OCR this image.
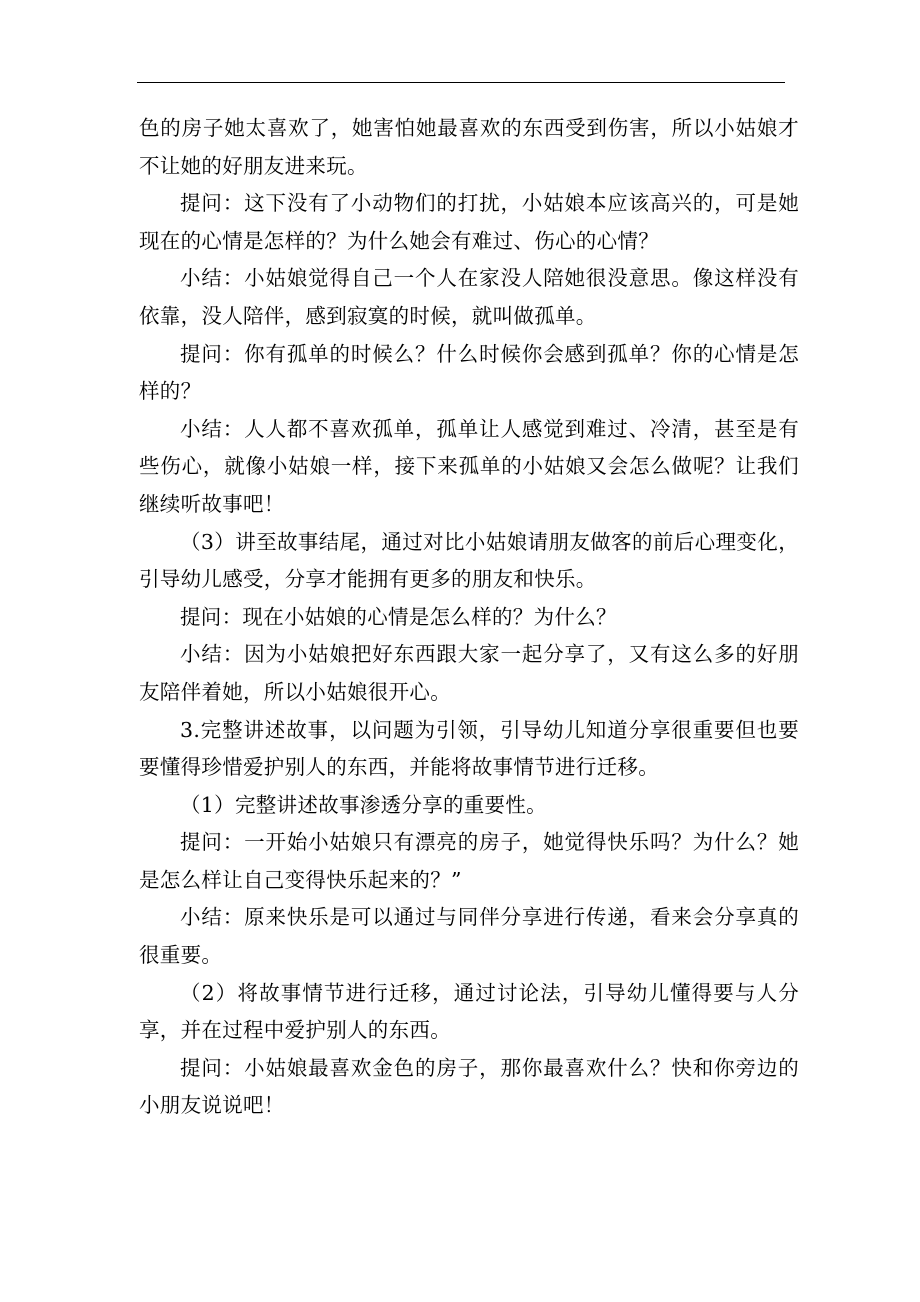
色的房子她太喜欢了，她害怕她最喜欢的东西受到伤害，所以小姑娘才不让她的好朋友进来玩。

提问：这下没有了小动物们的打扰，小姑娘本应该高兴的，可是她现在的心情是怎样的？为什么她会有难过、伤心的心情？

小结：小姑娘觉得自己一个人在家没人陪她很没意思。像这样没有依靠，没人陪伴，感到寂寞的时候，就叫做孤单。

提问：你有孤单的时候么？什么时候你会感到孤单？你的心情是怎样的？

小结：人人都不喜欢孤单，孤单让人感觉到难过、冷清，甚至是有些伤心，就像小姑娘一样，接下来孤单的小姑娘又会怎么做呢？让我们继续听故事吧！

（3）讲至故事结尾，通过对比小姑娘请朋友做客的前后心理变化，引导幼儿感受，分享才能拥有更多的朋友和快乐。

提问：现在小姑娘的心情是怎么样的？为什么？

小结：因为小姑娘把好东西跟大家一起分享了，又有这么多的好朋友陪伴着她，所以小姑娘很开心。

3.完整讲述故事，以问题为引领，引导幼儿知道分享很重要但也要要懂得珍惜爱护别人的东西，并能将故事情节进行迁移。

（1）完整讲述故事渗透分享的重要性。

提问：一开始小姑娘只有漂亮的房子，她觉得快乐吗？为什么？她是怎么样让自己变得快乐起来的？”

小结：原来快乐是可以通过与同伴分享进行传递，看来会分享真的很重要。

（2）将故事情节进行迁移，通过讨论法，引导幼儿懂得要与人分享，并在过程中爱护别人的东西。

提问：小姑娘最喜欢金色的房子，那你最喜欢什么？快和你旁边的小朋友说说吧！
